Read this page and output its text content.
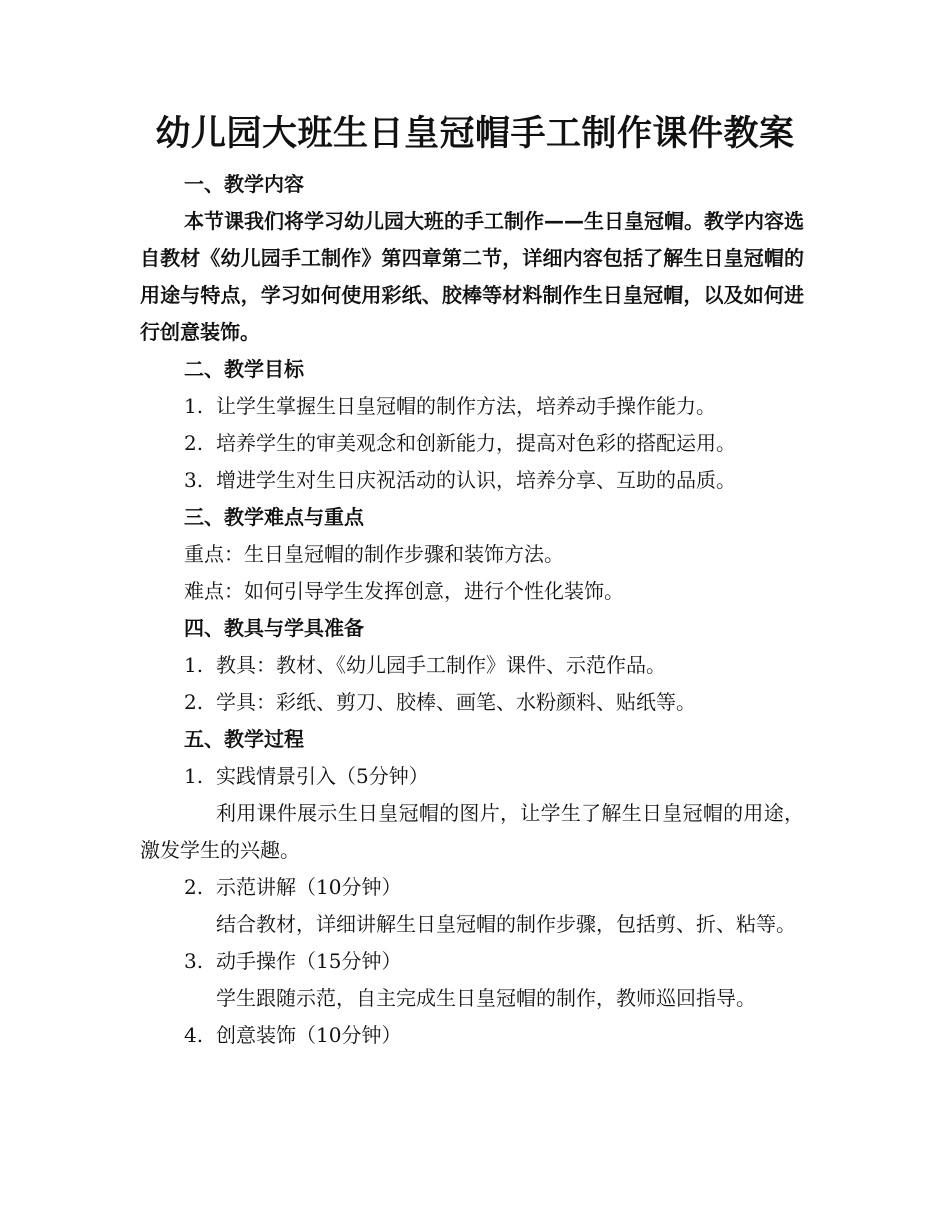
幼儿园大班生日皇冠帽手工制作课件教案

一、教学内容

本节课我们将学习幼儿园大班的手工制作——生日皇冠帽。教学内容选自教材《幼儿园手工制作》第四章第二节，详细内容包括了解生日皇冠帽的用途与特点，学习如何使用彩纸、胶棒等材料制作生日皇冠帽，以及如何进行创意装饰。

二、教学目标

1. 让学生掌握生日皇冠帽的制作方法，培养动手操作能力。

2. 培养学生的审美观念和创新能力，提高对色彩的搭配运用。

3. 增进学生对生日庆祝活动的认识，培养分享、互助的品质。

三、教学难点与重点

重点：生日皇冠帽的制作步骤和装饰方法。

难点：如何引导学生发挥创意，进行个性化装饰。

四、教具与学具准备

1. 教具：教材、《幼儿园手工制作》课件、示范作品。

2. 学具：彩纸、剪刀、胶棒、画笔、水粉颜料、贴纸等。

五、教学过程

1. 实践情景引入（5分钟）

利用课件展示生日皇冠帽的图片，让学生了解生日皇冠帽的用途，激发学生的兴趣。

2. 示范讲解（10分钟）

结合教材，详细讲解生日皇冠帽的制作步骤，包括剪、折、粘等。

3. 动手操作（15分钟）

学生跟随示范，自主完成生日皇冠帽的制作，教师巡回指导。

4. 创意装饰（10分钟）
